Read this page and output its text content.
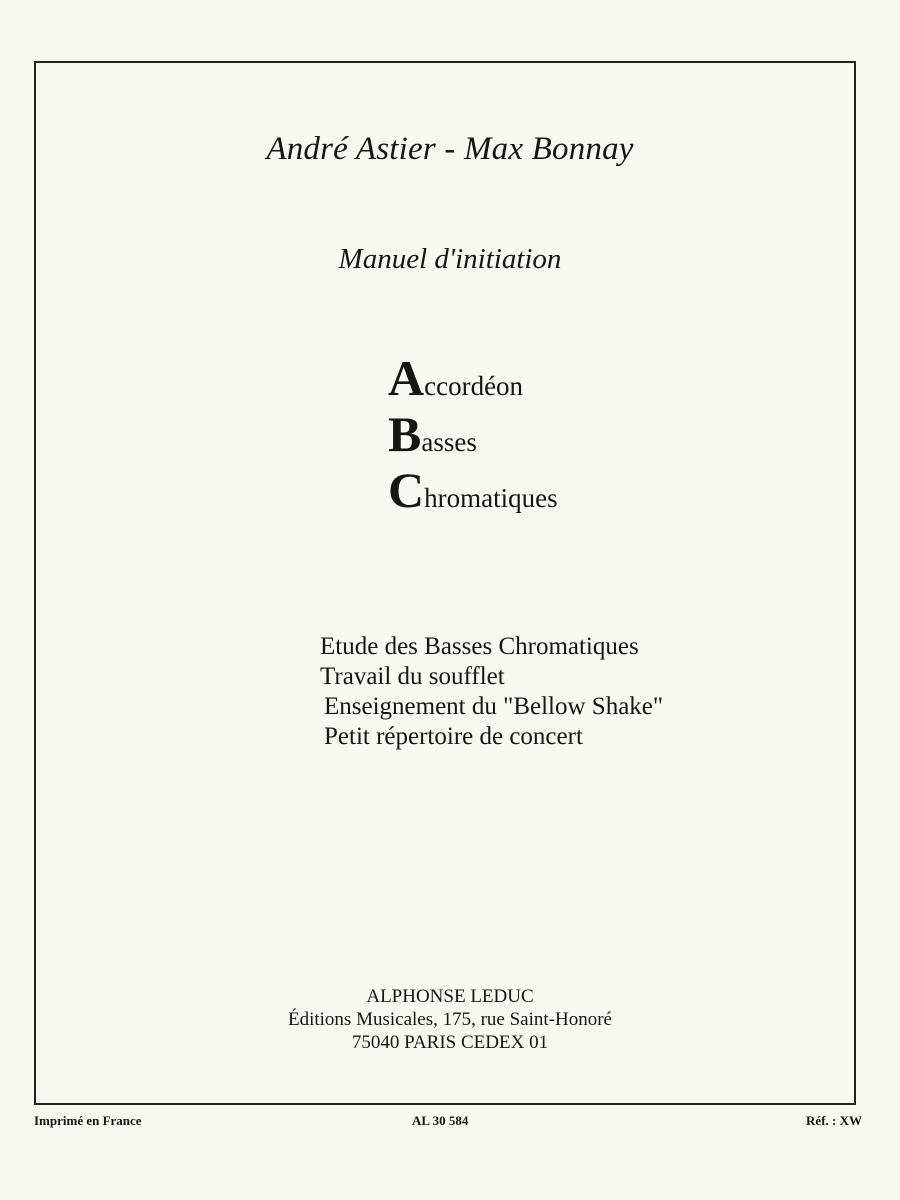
André Astier - Max Bonnay
Manuel d'initiation
Accordéon
Basses
Chromatiques
Etude des Basses Chromatiques
Travail du soufflet
Enseignement du "Bellow Shake"
Petit répertoire de concert
ALPHONSE LEDUC
Éditions Musicales, 175, rue Saint-Honoré
75040 PARIS CEDEX 01
Imprimé en France	AL 30 584	Réf. : XW
